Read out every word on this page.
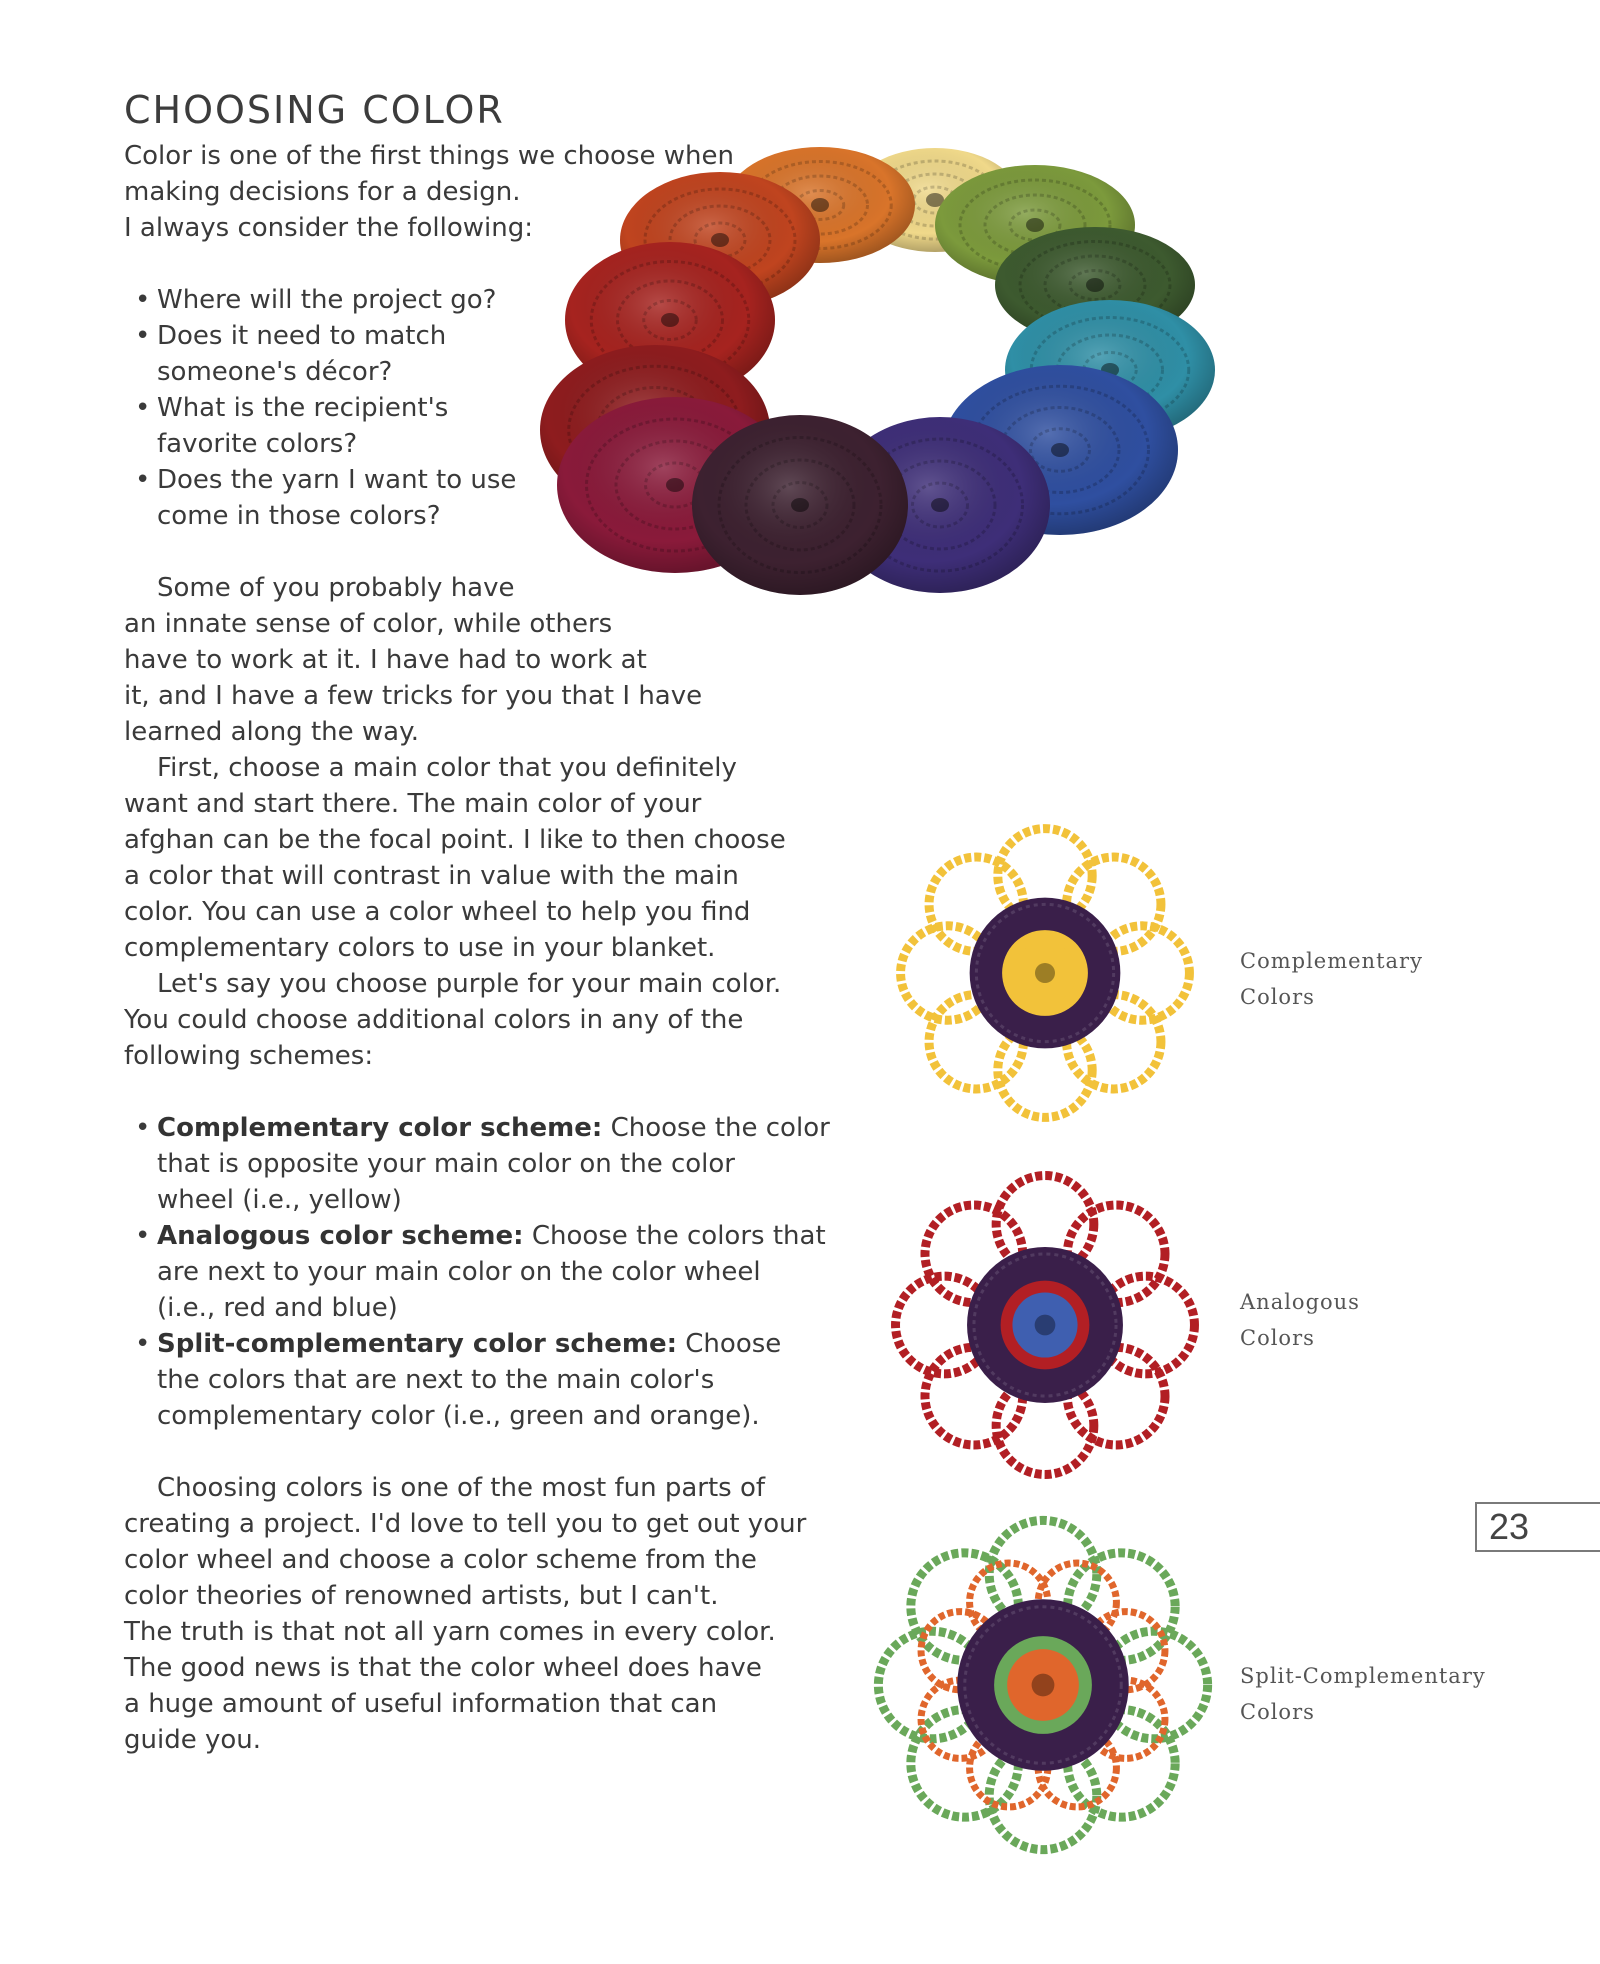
CHOOSING COLOR

Color is one of the first things we choose when

making decisions for a design.

I always consider the following:

• Where will the project go?
• Does it need to match
someone's décor?
• What is the recipient's
favorite colors?
• Does the yarn I want to use
come in those colors?

Some of you probably have

an innate sense of color, while others

have to work at it. I have had to work at

it, and I have a few tricks for you that I have

learned along the way.

First, choose a main color that you definitely

want and start there. The main color of your

afghan can be the focal point. I like to then choose

a color that will contrast in value with the main

color. You can use a color wheel to help you find

complementary colors to use in your blanket.

Let's say you choose purple for your main color.

You could choose additional colors in any of the

following schemes:

• Complementary color scheme: Choose the color
that is opposite your main color on the color
wheel (i.e., yellow)
• Analogous color scheme: Choose the colors that
are next to your main color on the color wheel
(i.e., red and blue)
• Split-complementary color scheme: Choose
the colors that are next to the main color's
complementary color (i.e., green and orange).

Choosing colors is one of the most fun parts of

creating a project. I'd love to tell you to get out your

color wheel and choose a color scheme from the

color theories of renowned artists, but I can't.

The truth is that not all yarn comes in every color.

The good news is that the color wheel does have

a huge amount of useful information that can

guide you.

Complementary
Colors
Analogous
Colors
Split-Complementary
Colors
23
